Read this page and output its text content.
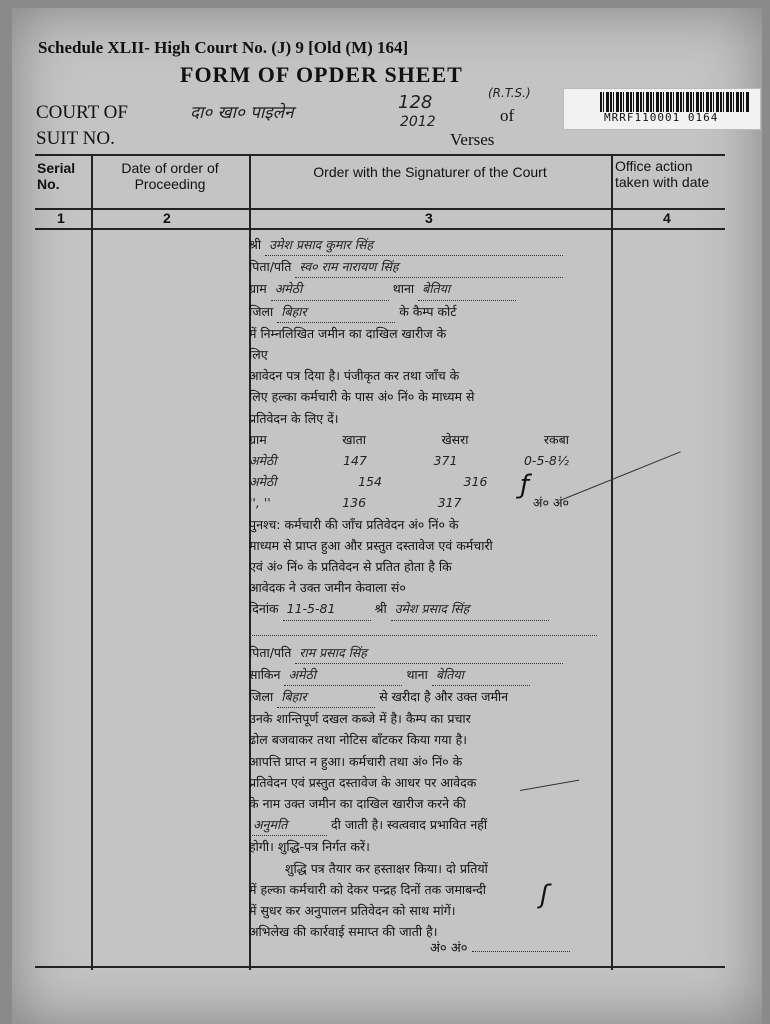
Schedule XLII- High Court No. (J) 9 [Old (M) 164]
FORM OF OPDER SHEET
COURT OF
SUIT NO.
दा० खा० पाइलेन	128
2012
(R.T.S.)
of
Verses
MRRF110001 0164
Serial No.
Date of order of Proceeding
Order with the Signaturer of the Court	Office action taken with date
1	2	3	4
श्री उमेश प्रसाद कुमार सिंह
पिता/पति स्व० राम नारायण सिंह
ग्राम अमेठी	थाना बेतिया
जिला बिहार	के कैम्प कोर्ट
में निम्नलिखित जमीन का दाखिल खारीज के
लिए
आवेदन पत्र दिया है। पंजीकृत कर तथा जाँच के
लिए हल्का कर्मचारी के पास अं० निं० के माध्यम से
प्रतिवेदन के लिए दें।
ग्राम	खाता	खेसरा	रकबा
अमेठी	147	371	0-5-8½
अमेठी	154	316
'', ''	136	317	अं० अं०
पुनश्च: कर्मचारी की जाँच प्रतिवेदन अं० निं० के
माध्यम से प्राप्त हुआ और प्रस्तुत दस्तावेज एवं कर्मचारी
एवं अं० निं० के प्रतिवेदन से प्रतित होता है कि
आवेदक ने उक्त जमीन केवाला सं०
दिनांक 11-5-81	श्री उमेश प्रसाद सिंह
पिता/पति राम प्रसाद सिंह
साकिन अमेठी	थाना बेतिया
जिला बिहार	से खरीदा है और उक्त जमीन
उनके शान्तिपूर्ण दखल कब्जे में है। कैम्प का प्रचार
ढोल बजवाकर तथा नोटिस बाँटकर किया गया है।
आपत्ति प्राप्त न हुआ। कर्मचारी तथा अं० निं० के
प्रतिवेदन एवं प्रस्तुत दस्तावेज के आधर पर आवेदक
के नाम उक्त जमीन का दाखिल खारीज करने की
अनुमति	दी जाती है। स्वत्ववाद प्रभावित नहीं
होगी। शुद्धि-पत्र निर्गत करें।
शुद्धि पत्र तैयार कर हस्ताक्षर किया। दो प्रतियों
में हल्का कर्मचारी को देकर पन्द्रह दिनों तक जमाबन्दी
में सुधर कर अनुपालन प्रतिवेदन को साथ मांगें।
अभिलेख की कार्रवाई समाप्त की जाती है।
ƒ
ʃ
अं० अं०
